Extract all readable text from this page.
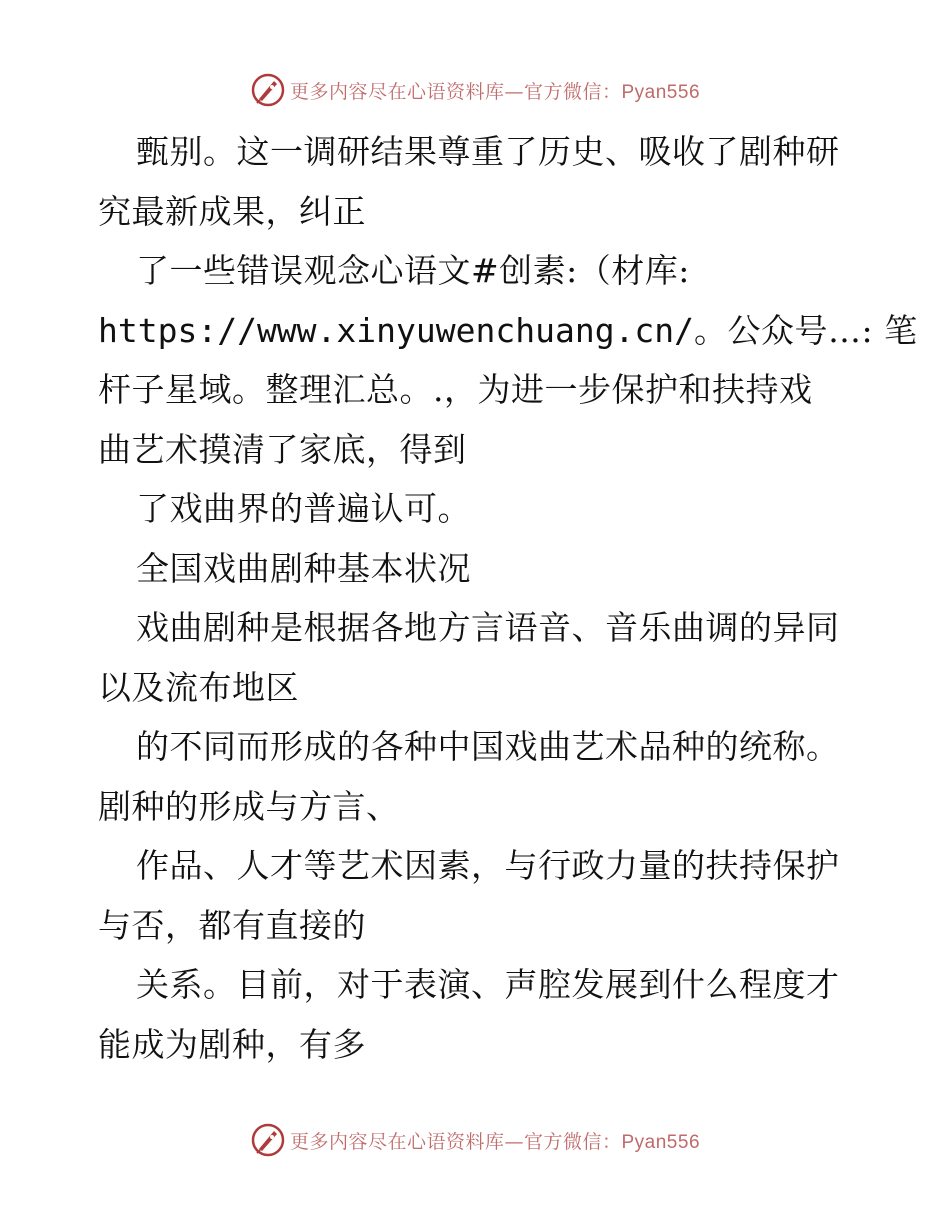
更多内容尽在心语资料库—官方微信：Pyan556
甄别。这一调研结果尊重了历史、吸收了剧种研
究最新成果，纠正
了一些错误观念心语文#创素:（材库:
https://www.xinyuwenchuang.cn/。公众号…: 笔
杆子星域。整理汇总。.，为进一步保护和扶持戏
曲艺术摸清了家底，得到
了戏曲界的普遍认可。
全国戏曲剧种基本状况
戏曲剧种是根据各地方言语音、音乐曲调的异同
以及流布地区
的不同而形成的各种中国戏曲艺术品种的统称。
剧种的形成与方言、
作品、人才等艺术因素，与行政力量的扶持保护
与否，都有直接的
关系。目前，对于表演、声腔发展到什么程度才
能成为剧种，有多
更多内容尽在心语资料库—官方微信：Pyan556
